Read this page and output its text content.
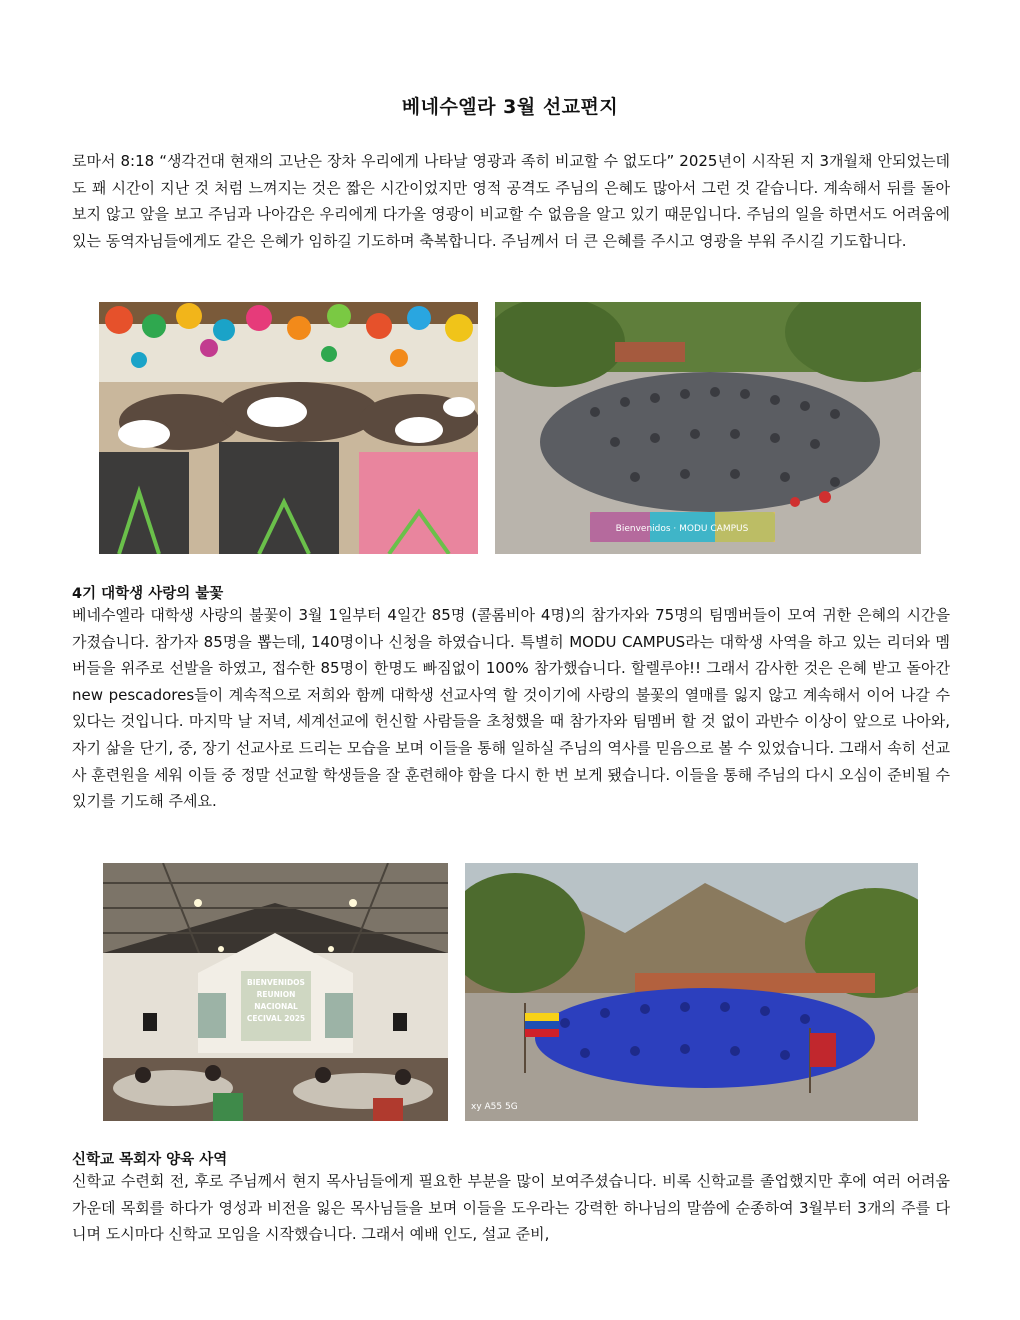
베네수엘라 3월 선교편지

로마서 8:18 “생각건대 현재의 고난은 장차 우리에게 나타날 영광과 족히 비교할 수 없도다” 2025년이 시작된 지 3개월채 안되었는데도 꽤 시간이 지난 것 처럼 느껴지는 것은 짧은 시간이었지만 영적 공격도 주님의 은혜도 많아서 그런 것 같습니다. 계속해서 뒤를 돌아보지 않고 앞을 보고 주님과 나아감은 우리에게 다가올 영광이 비교할 수 없음을 알고 있기 때문입니다. 주님의 일을 하면서도 어려움에 있는 동역자님들에게도 같은 은혜가 임하길 기도하며 축복합니다. 주님께서 더 큰 은혜를 주시고 영광을 부워 주시길 기도합니다.

Bienvenidos · MODU CAMPUS
4기 대학생 사랑의 불꽃

베네수엘라 대학생 사랑의 불꽃이 3월 1일부터 4일간 85명 (콜롬비아 4명)의 참가자와 75명의 팀멤버들이 모여 귀한 은혜의 시간을 가졌습니다. 참가자 85명을 뽑는데, 140명이나 신청을 하였습니다. 특별히 MODU CAMPUS라는 대학생 사역을 하고 있는 리더와 멤버들을 위주로 선발을 하였고, 접수한 85명이 한명도 빠짐없이 100% 참가했습니다. 할렐루야!! 그래서 감사한 것은 은혜 받고 돌아간 new pescadores들이 계속적으로 저희와 함께 대학생 선교사역 할 것이기에 사랑의 불꽃의 열매를 잃지 않고 계속해서 이어 나갈 수 있다는 것입니다. 마지막 날 저녁, 세계선교에 헌신할 사람들을 초청했을 때 참가자와 팀멤버 할 것 없이 과반수 이상이 앞으로 나아와, 자기 삶을 단기, 중, 장기 선교사로 드리는 모습을 보며 이들을 통해 일하실 주님의 역사를 믿음으로 볼 수 있었습니다. 그래서 속히 선교사 훈련원을 세워 이들 중 정말 선교할 학생들을 잘 훈련해야 함을 다시 한 번 보게 됐습니다. 이들을 통해 주님의 다시 오심이 준비될 수 있기를 기도해 주세요.

BIENVENIDOS
REUNION
NACIONAL
CECIVAL 2025
xy A55 5G
신학교 목회자 양육 사역

신학교 수련회 전, 후로 주님께서 현지 목사님들에게 필요한 부분을 많이 보여주셨습니다. 비록 신학교를 졸업했지만 후에 여러 어려움 가운데 목회를 하다가 영성과 비전을 잃은 목사님들을 보며 이들을 도우라는 강력한 하나님의 말씀에 순종하여 3월부터 3개의 주를 다니며 도시마다 신학교 모임을 시작했습니다. 그래서 예배 인도, 설교 준비,
